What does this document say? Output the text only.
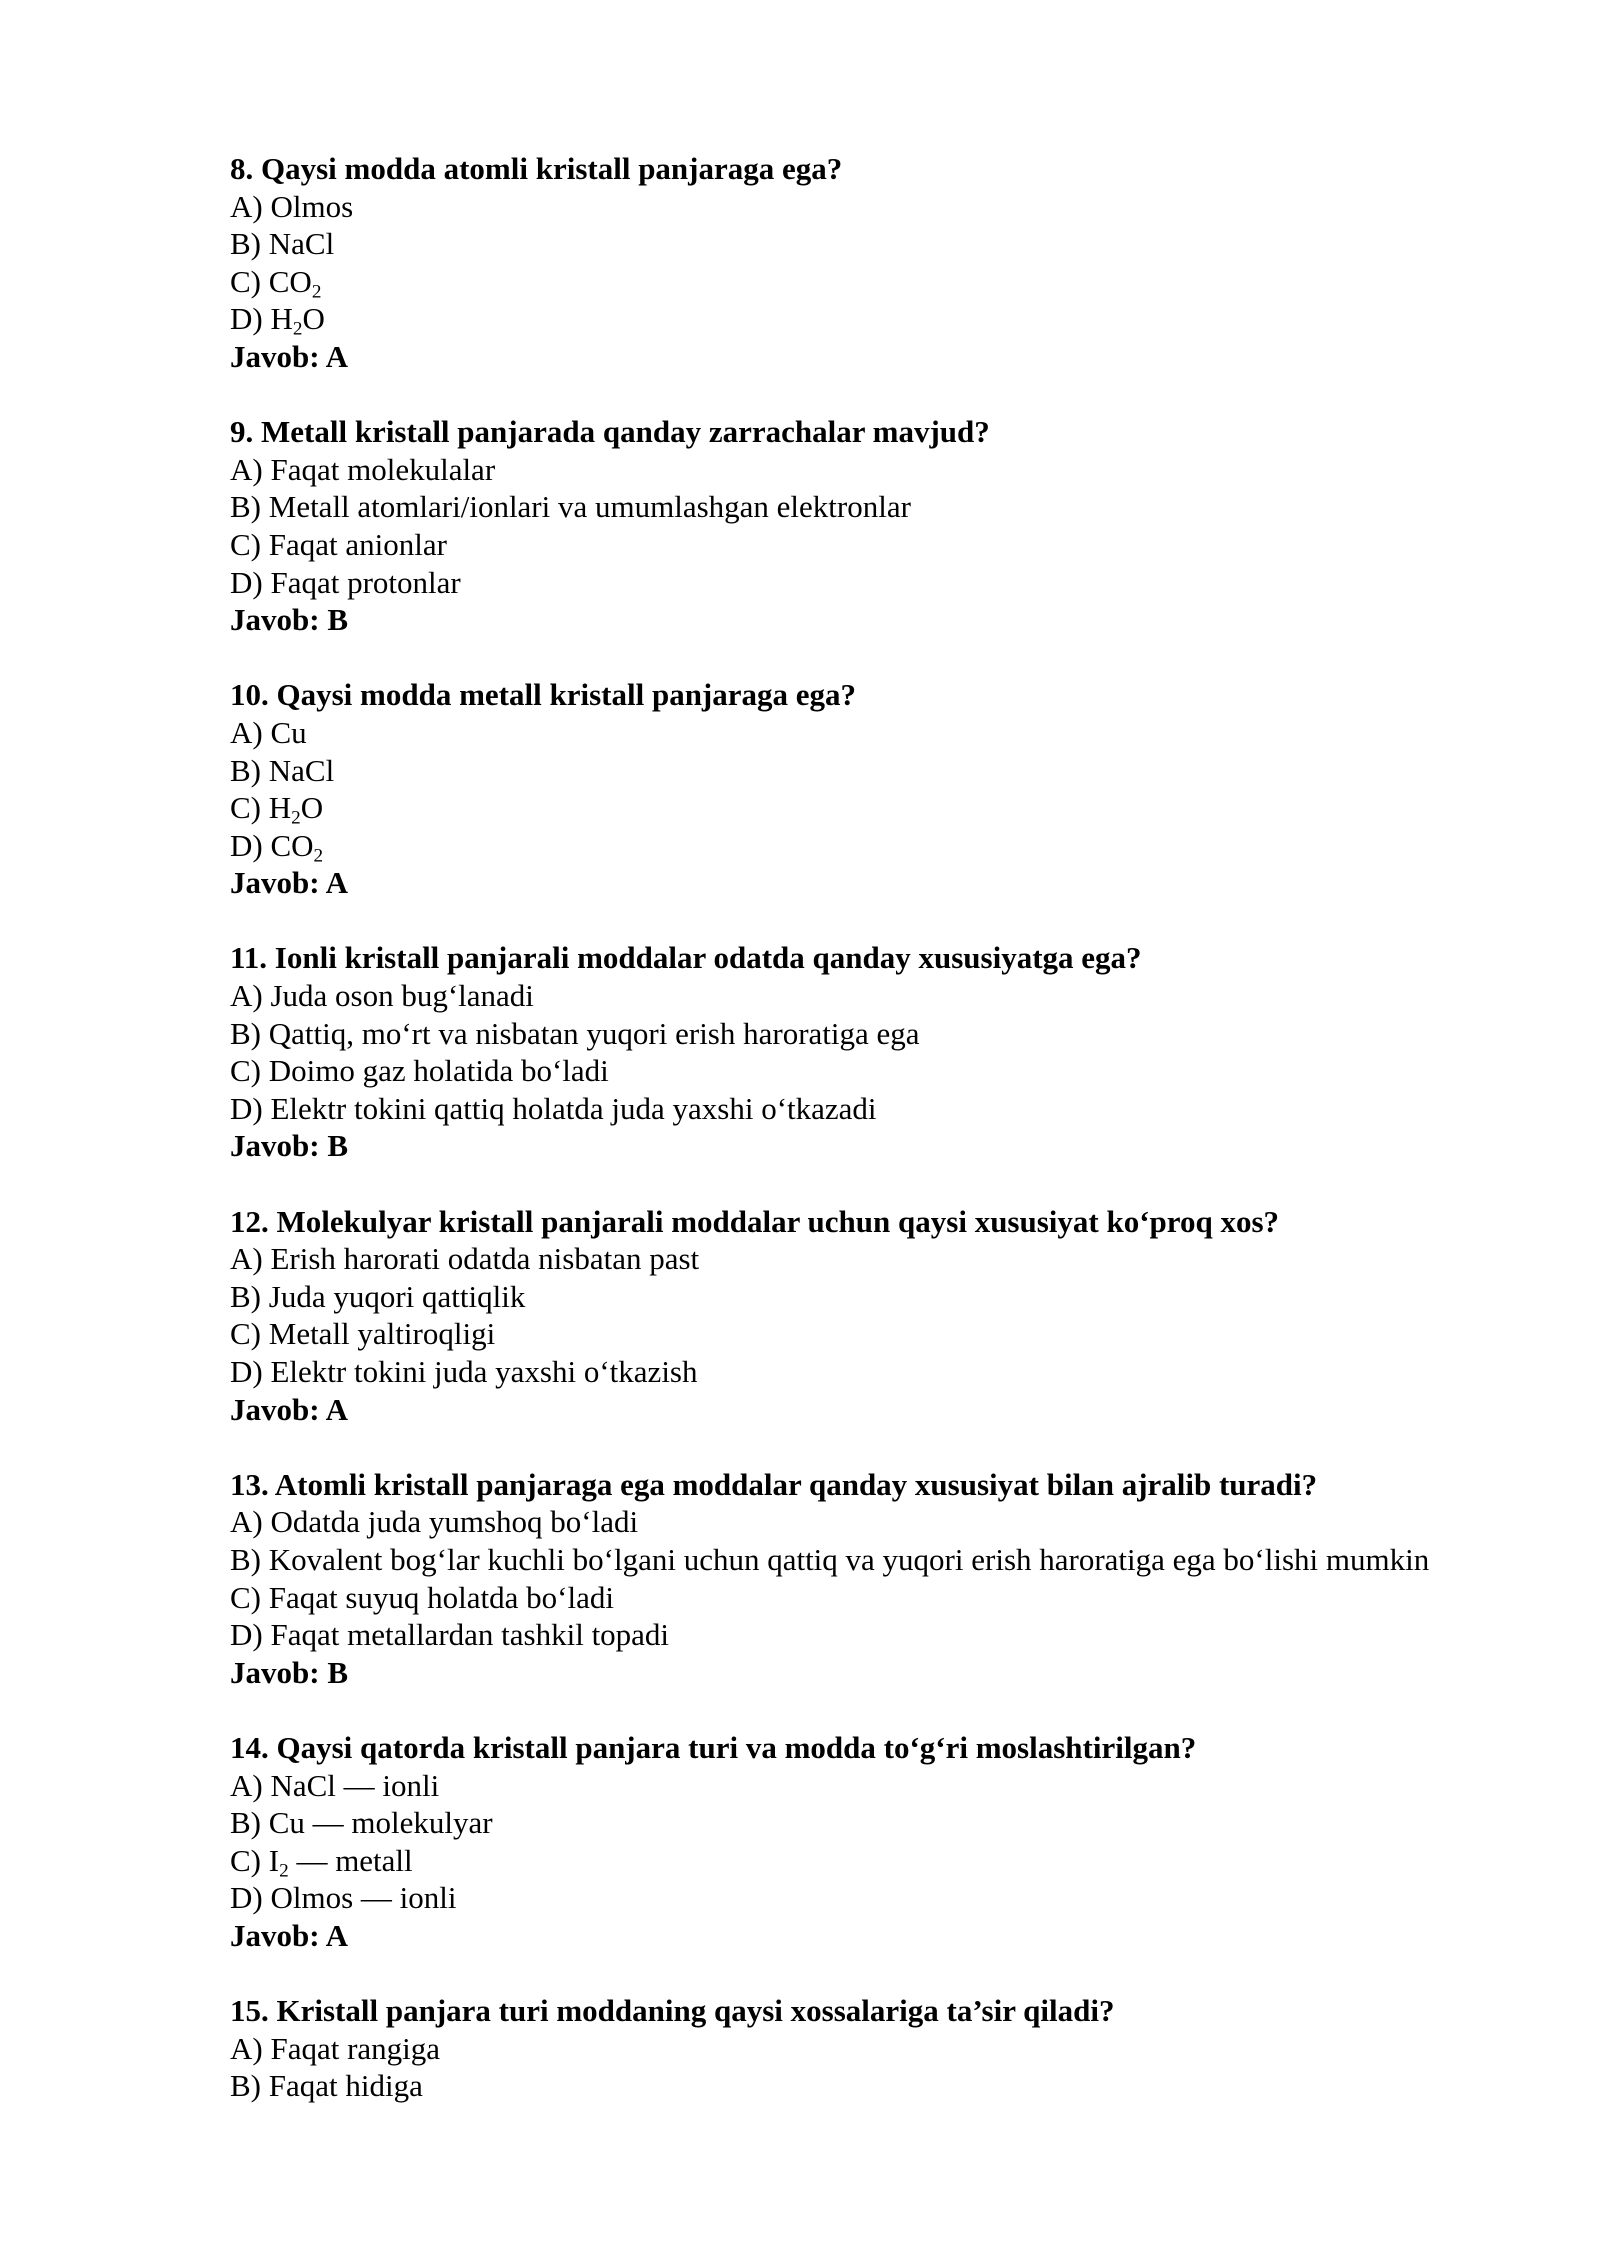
8. Qaysi modda atomli kristall panjaraga ega?
A) Olmos
B) NaCl
C) $CO_2$
D) $H_2O$
Javob: A
9. Metall kristall panjarada qanday zarrachalar mavjud?
A) Faqat molekulalar
B) Metall atomlari/ionlari va umumlashgan elektronlar
C) Faqat anionlar
D) Faqat protonlar
Javob: B
10. Qaysi modda metall kristall panjaraga ega?
A) Cu
B) NaCl
C) $H_2O$
D) $CO_2$
Javob: A
11. Ionli kristall panjarali moddalar odatda qanday xususiyatga ega?
A) Juda oson bug‘lanadi
B) Qattiq, mo‘rt va nisbatan yuqori erish haroratiga ega
C) Doimo gaz holatida bo‘ladi
D) Elektr tokini qattiq holatda juda yaxshi o‘tkazadi
Javob: B
12. Molekulyar kristall panjarali moddalar uchun qaysi xususiyat ko‘proq xos?
A) Erish harorati odatda nisbatan past
B) Juda yuqori qattiqlik
C) Metall yaltiroqligi
D) Elektr tokini juda yaxshi o‘tkazish
Javob: A
13. Atomli kristall panjaraga ega moddalar qanday xususiyat bilan ajralib turadi?
A) Odatda juda yumshoq bo‘ladi
B) Kovalent bog‘lar kuchli bo‘lgani uchun qattiq va yuqori erish haroratiga ega bo‘lishi mumkin
C) Faqat suyuq holatda bo‘ladi
D) Faqat metallardan tashkil topadi
Javob: B
14. Qaysi qatorda kristall panjara turi va modda to‘g‘ri moslashtirilgan?
A) NaCl — ionli
B) Cu — molekulyar
C) $I_2$ — metall
D) Olmos — ionli
Javob: A
15. Kristall panjara turi moddaning qaysi xossalariga ta’sir qiladi?
A) Faqat rangiga
B) Faqat hidiga
